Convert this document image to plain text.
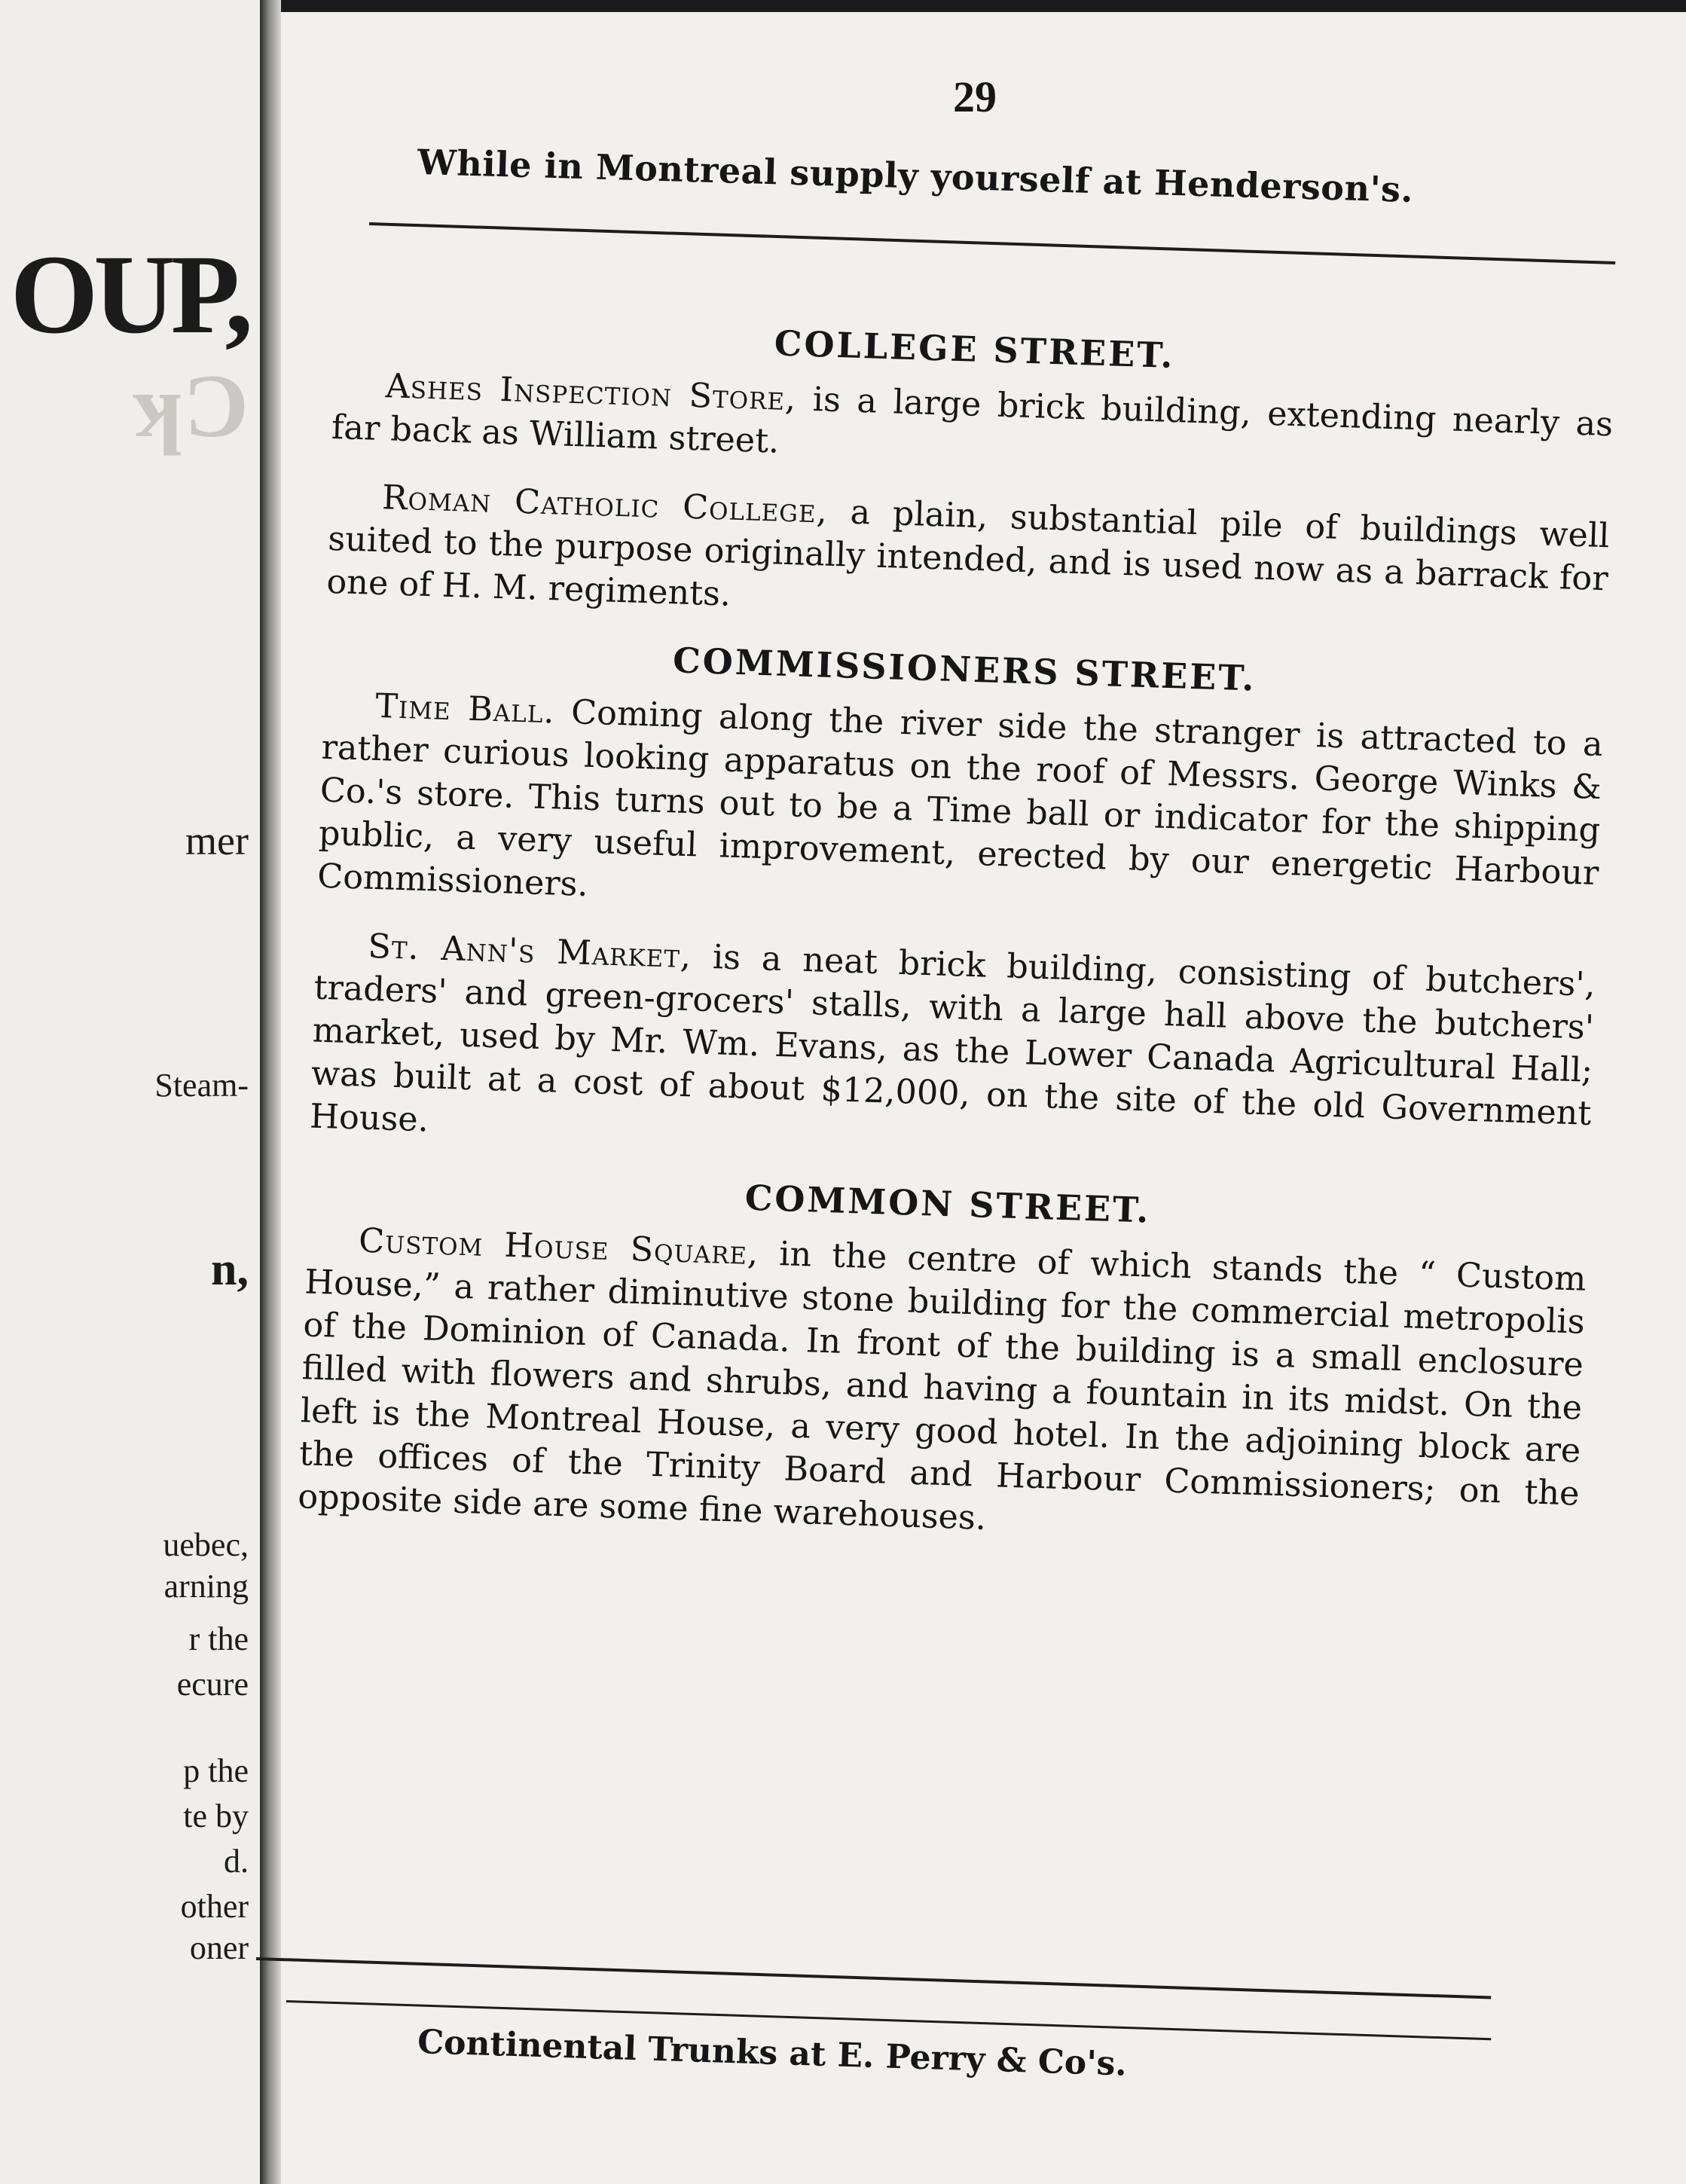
OUP,
ʞƆ
mer
Steam-
n,
uebec,
arning
r the
ecure
p the
te by
d.
other
oner
29
While in Montreal supply yourself at Henderson's.
COLLEGE STREET.

Ashes Inspection Store, is a large brick building, extending nearly as far back as William street.

Roman Catholic College, a plain, substantial pile of buildings well suited to the purpose originally intended, and is used now as a barrack for one of H. M. regiments.

COMMISSIONERS STREET.

Time Ball. Coming along the river side the stranger is attracted to a rather curious looking apparatus on the roof of Messrs. George Winks & Co.'s store. This turns out to be a Time ball or indicator for the shipping public, a very useful improvement, erected by our energetic Harbour Commissioners.

St. Ann's Market, is a neat brick building, consisting of butchers', traders' and green-grocers' stalls, with a large hall above the butchers' market, used by Mr. Wm. Evans, as the Lower Canada Agricultural Hall; was built at a cost of about $12,000, on the site of the old Government House.

COMMON STREET.

Custom House Square, in the centre of which stands the “ Custom House,” a rather diminutive stone building for the commercial metropolis of the Dominion of Canada. In front of the building is a small enclosure filled with flowers and shrubs, and having a fountain in its midst. On the left is the Montreal House, a very good hotel. In the adjoining block are the offices of the Trinity Board and Harbour Commissioners; on the opposite side are some fine warehouses.

Continental Trunks at E. Perry & Co's.
